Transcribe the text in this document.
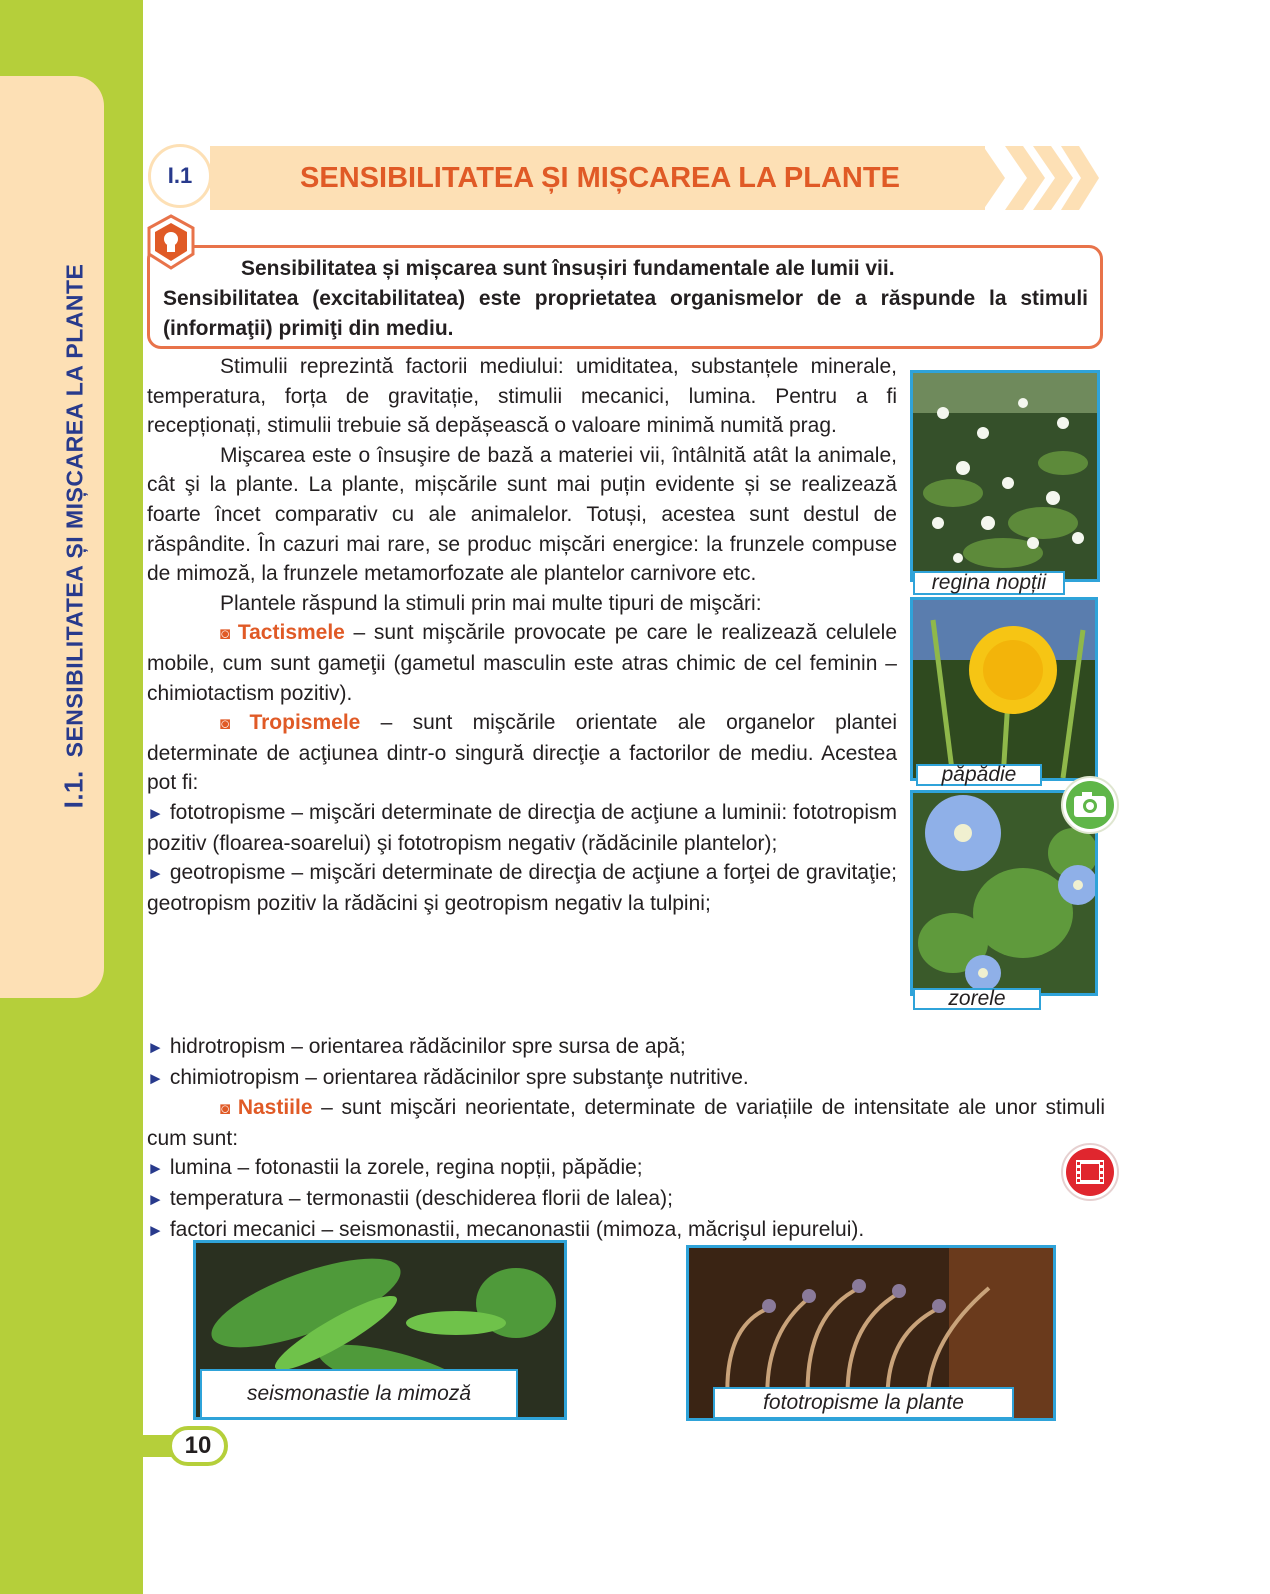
I.1. SENSIBILITATEA ȘI MIȘCAREA LA PLANTE
I.1	SENSIBILITATEA ȘI MIȘCAREA LA PLANTE
Sensibilitatea și mișcarea sunt însușiri fundamentale ale lumii vii.
Sensibilitatea (excitabilitatea) este proprietatea organismelor de a răspunde la stimuli (informaţii) primiţi din mediu.

Stimulii reprezintă factorii mediului: umiditatea, substanțele minerale, temperatura, forța de gravitație, stimulii mecanici, lumina. Pentru a fi recepționați, stimulii trebuie să depășească o valoare minimă numită prag.

Mişcarea este o însuşire de bază a materiei vii, întâlnită atât la animale, cât şi la plante. La plante, mișcările sunt mai puțin evidente și se realizează foarte încet comparativ cu ale animalelor. Totuși, acestea sunt destul de răspândite. În cazuri mai rare, se produc mișcări energice: la frunzele compuse de mimoză, la frunzele metamorfozate ale plantelor carnivore etc.

Plantele răspund la stimuli prin mai multe tipuri de mişcări:

◙ Tactismele – sunt mişcările provocate pe care le realizează celulele mobile, cum sunt gameţii (gametul masculin este atras chimic de cel feminin – chimiotactism pozitiv).

◙ Tropismele – sunt mişcările orientate ale organelor plantei determinate de acţiunea dintr-o singură direcţie a factorilor de mediu. Acestea pot fi:

► fototropisme – mişcări determinate de direcţia de acţiune a luminii: fototropism pozitiv (floarea-soarelui) şi fototropism negativ (rădăcinile plantelor);

► geotropisme – mişcări determinate de direcţia de acţiune a forţei de gravitaţie; geotropism pozitiv la rădăcini şi geotropism negativ la tulpini;

► hidrotropism – orientarea rădăcinilor spre sursa de apă;

► chimiotropism – orientarea rădăcinilor spre substanţe nutritive.

◙ Nastiile – sunt mişcări neorientate, determinate de variațiile de intensitate ale unor stimuli cum sunt:

► lumina – fotonastii la zorele, regina nopții, păpădie;

► temperatura – termonastii (deschiderea florii de lalea);

► factori mecanici – seismonastii, mecanonastii (mimoza, măcrişul iepurelui).

regina nopții
păpădie
zorele
seismonastie la mimoză	fototropisme la plante
10
